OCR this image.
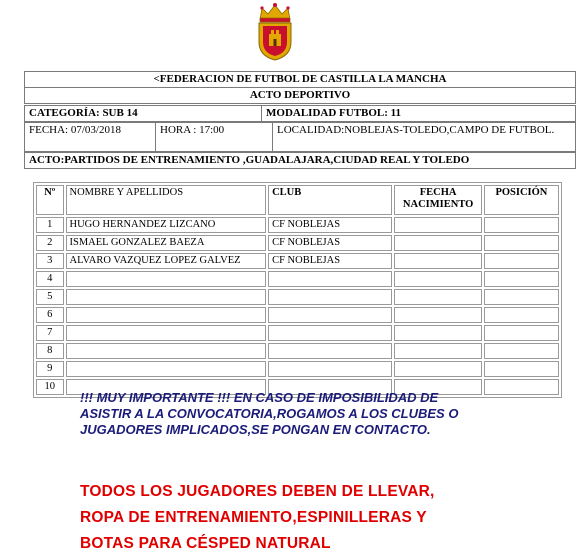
<FEDERACION DE FUTBOL DE CASTILLA LA MANCHA
ACTO DEPORTIVO
CATEGORÍA: SUB 14	MODALIDAD FUTBOL: 11
FECHA: 07/03/2018	HORA : 17:00	LOCALIDAD:NOBLEJAS-TOLEDO,CAMPO DE FUTBOL.
ACTO:PARTIDOS DE ENTRENAMIENTO ,GUADALAJARA,CIUDAD REAL Y TOLEDO
Nº	NOMBRE Y APELLIDOS	CLUB	FECHA NACIMIENTO	POSICIÓN
1	HUGO HERNANDEZ LIZCANO	CF NOBLEJAS		
2	ISMAEL GONZALEZ BAEZA	CF NOBLEJAS		
3	ALVARO VAZQUEZ LOPEZ GALVEZ	CF NOBLEJAS		
4				
5				
6				
7				
8				
9				
10				
!!! MUY IMPORTANTE !!! EN CASO DE IMPOSIBILIDAD DE
ASISTIR A LA CONVOCATORIA,ROGAMOS A LOS CLUBES O
JUGADORES IMPLICADOS,SE PONGAN EN CONTACTO.
TODOS LOS JUGADORES DEBEN DE LLEVAR,
ROPA DE ENTRENAMIENTO,ESPINILLERAS Y
BOTAS PARA CÉSPED NATURAL
